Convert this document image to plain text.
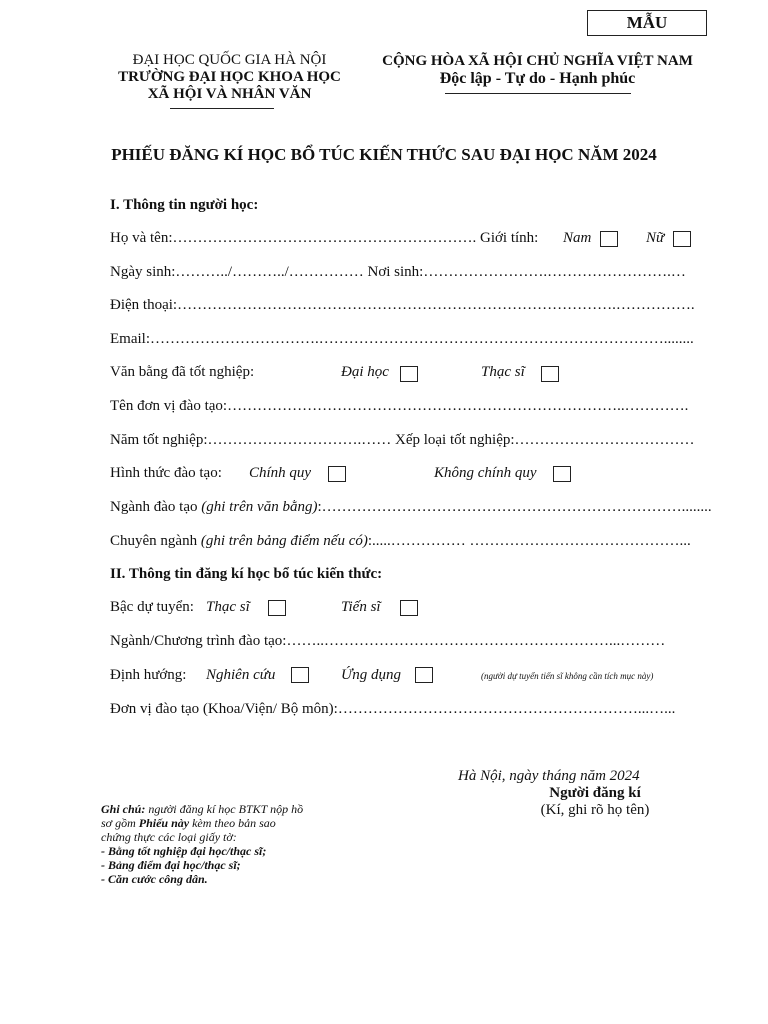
MẪU
ĐẠI HỌC QUỐC GIA HÀ NỘI
TRƯỜNG ĐẠI HỌC KHOA HỌC
XÃ HỘI VÀ NHÂN VĂN
CỘNG HÒA XÃ HỘI CHỦ NGHĨA VIỆT NAM
Độc lập - Tự do - Hạnh phúc
PHIẾU ĐĂNG KÍ HỌC BỔ TÚC KIẾN THỨC SAU ĐẠI HỌC NĂM 2024
I. Thông tin người học:
Họ và tên:……………………………………………………. Giới tính: Nam	Nữ
Ngày sinh:………../………../…………… Nơi sinh:…………………….…………………….…
Điện thoại:…………………………………………………………………………….…………….
Email:…………………………….……………………………………………………………........
Văn bằng đã tốt nghiệp:	Đại học	Thạc sĩ
Tên đơn vị đào tạo:……………………………………………………………………..………….
Năm tốt nghiệp:………………………….…… Xếp loại tốt nghiệp:………………………………
Hình thức đào tạo: Chính quy	Không chính quy
Ngành đào tạo (ghi trên văn bằng):………………………………………………………………........
Chuyên ngành (ghi trên bảng điểm nếu có):.....…………… ……………………………………...
II. Thông tin đăng kí học bổ túc kiến thức:
Bậc dự tuyển: Thạc sĩ	Tiến sĩ
Ngành/Chương trình đào tạo:……..…………………………………………………...………
Định hướng: Nghiên cứu	Ứng dụng	(người dự tuyển tiến sĩ không cần tích mục này)
Đơn vị đào tạo (Khoa/Viện/ Bộ môn):……………………………………………………...…...
Hà Nội, ngày tháng năm 2024
Người đăng kí
(Kí, ghi rõ họ tên)
Ghi chú: người đăng kí học BTKT nộp hồ
sơ gồm Phiếu này kèm theo bản sao
chứng thực các loại giấy tờ:
- Bằng tốt nghiệp đại học/thạc sĩ;
- Bảng điểm đại học/thạc sĩ;
- Căn cước công dân.
